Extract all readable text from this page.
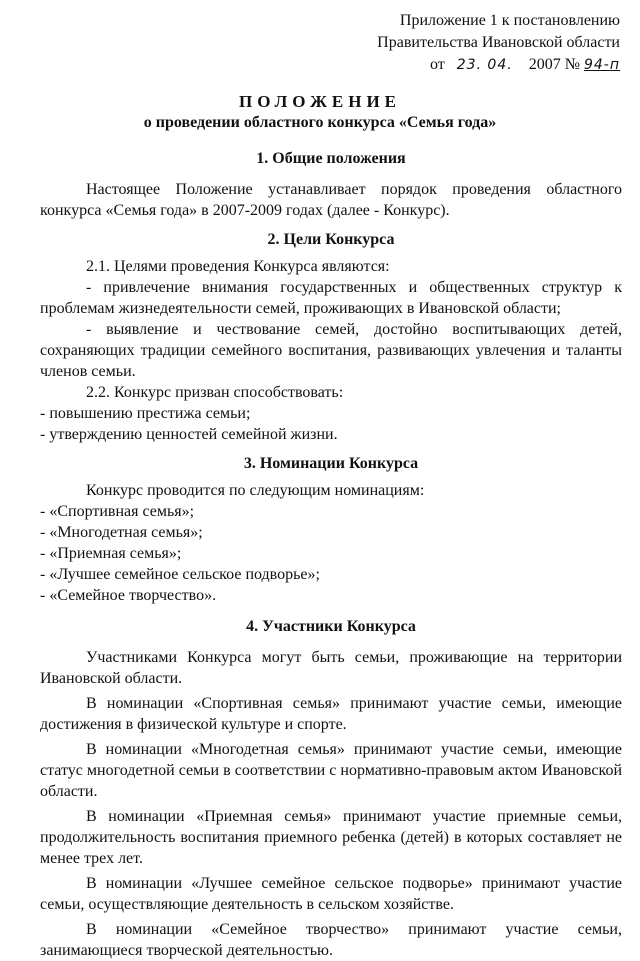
Приложение 1 к постановлению
Правительства Ивановской области
от 23. 04. 2007 № 94-п
ПОЛОЖЕНИЕ
о проведении областного конкурса «Семья года»
1. Общие положения

Настоящее Положение устанавливает порядок проведения областного конкурса «Семья года» в 2007-2009 годах (далее - Конкурс).

2. Цели Конкурса

2.1. Целями проведения Конкурса являются:

- привлечение внимания государственных и общественных структур к проблемам жизнедеятельности семей, проживающих в Ивановской области;

- выявление и чествование семей, достойно воспитывающих детей, сохраняющих традиции семейного воспитания, развивающих увлечения и таланты членов семьи.

2.2. Конкурс призван способствовать:

- повышению престижа семьи;

- утверждению ценностей семейной жизни.

3. Номинации Конкурса

Конкурс проводится по следующим номинациям:

- «Спортивная семья»;

- «Многодетная семья»;

- «Приемная семья»;

- «Лучшее семейное сельское подворье»;

- «Семейное творчество».

4. Участники Конкурса

Участниками Конкурса могут быть семьи, проживающие на территории Ивановской области.

В номинации «Спортивная семья» принимают участие семьи, имеющие достижения в физической культуре и спорте.

В номинации «Многодетная семья» принимают участие семьи, имеющие статус многодетной семьи в соответствии с нормативно-правовым актом Ивановской области.

В номинации «Приемная семья» принимают участие приемные семьи, продолжительность воспитания приемного ребенка (детей) в которых составляет не менее трех лет.

В номинации «Лучшее семейное сельское подворье» принимают участие семьи, осуществляющие деятельность в сельском хозяйстве.

В номинации «Семейное творчество» принимают участие семьи, занимающиеся творческой деятельностью.
